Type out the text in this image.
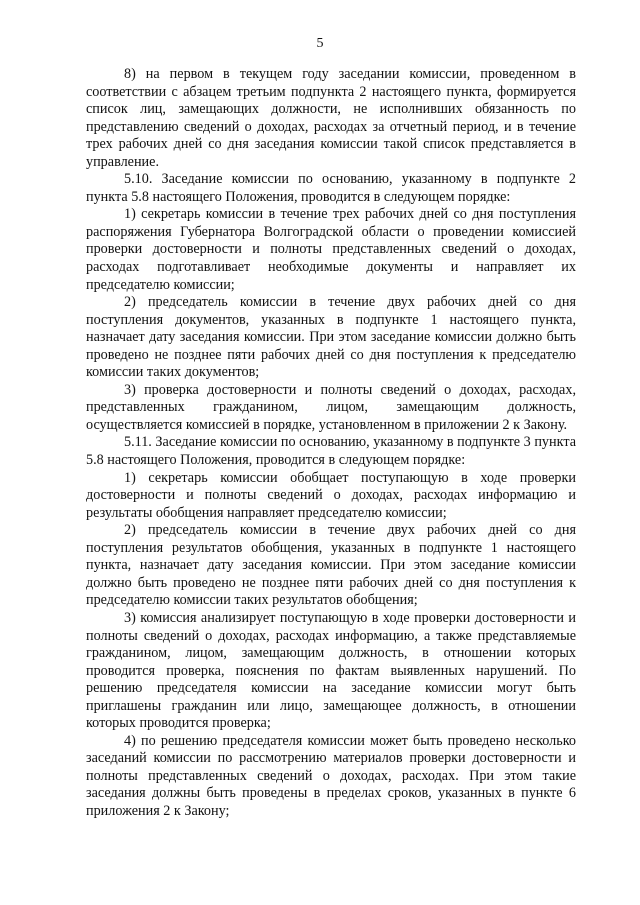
5

8) на первом в текущем году заседании комиссии, проведенном в соответствии с абзацем третьим подпункта 2 настоящего пункта, формируется список лиц, замещающих должности, не исполнивших обязанность по представлению сведений о доходах, расходах за отчетный период, и в течение трех рабочих дней со дня заседания комиссии такой список представляется в управление.

5.10. Заседание комиссии по основанию, указанному в подпункте 2 пункта 5.8 настоящего Положения, проводится в следующем порядке:

1) секретарь комиссии в течение трех рабочих дней со дня поступления распоряжения Губернатора Волгоградской области о проведении комиссией проверки достоверности и полноты представленных сведений о доходах, расходах подготавливает необходимые документы и направляет их председателю комиссии;

2) председатель комиссии в течение двух рабочих дней со дня поступления документов, указанных в подпункте 1 настоящего пункта, назначает дату заседания комиссии. При этом заседание комиссии должно быть проведено не позднее пяти рабочих дней со дня поступления к председателю комиссии таких документов;

3) проверка достоверности и полноты сведений о доходах, расходах, представленных гражданином, лицом, замещающим должность, осуществляется комиссией в порядке, установленном в приложении 2 к Закону.

5.11. Заседание комиссии по основанию, указанному в подпункте 3 пункта 5.8 настоящего Положения, проводится в следующем порядке:

1) секретарь комиссии обобщает поступающую в ходе проверки достоверности и полноты сведений о доходах, расходах информацию и результаты обобщения направляет председателю комиссии;

2) председатель комиссии в течение двух рабочих дней со дня поступления результатов обобщения, указанных в подпункте 1 настоящего пункта, назначает дату заседания комиссии. При этом заседание комиссии должно быть проведено не позднее пяти рабочих дней со дня поступления к председателю комиссии таких результатов обобщения;

3) комиссия анализирует поступающую в ходе проверки достоверности и полноты сведений о доходах, расходах информацию, а также представляемые гражданином, лицом, замещающим должность, в отношении которых проводится проверка, пояснения по фактам выявленных нарушений. По решению председателя комиссии на заседание комиссии могут быть приглашены гражданин или лицо, замещающее должность, в отношении которых проводится проверка;

4) по решению председателя комиссии может быть проведено несколько заседаний комиссии по рассмотрению материалов проверки достоверности и полноты представленных сведений о доходах, расходах. При этом такие заседания должны быть проведены в пределах сроков, указанных в пункте 6 приложения 2 к Закону;
